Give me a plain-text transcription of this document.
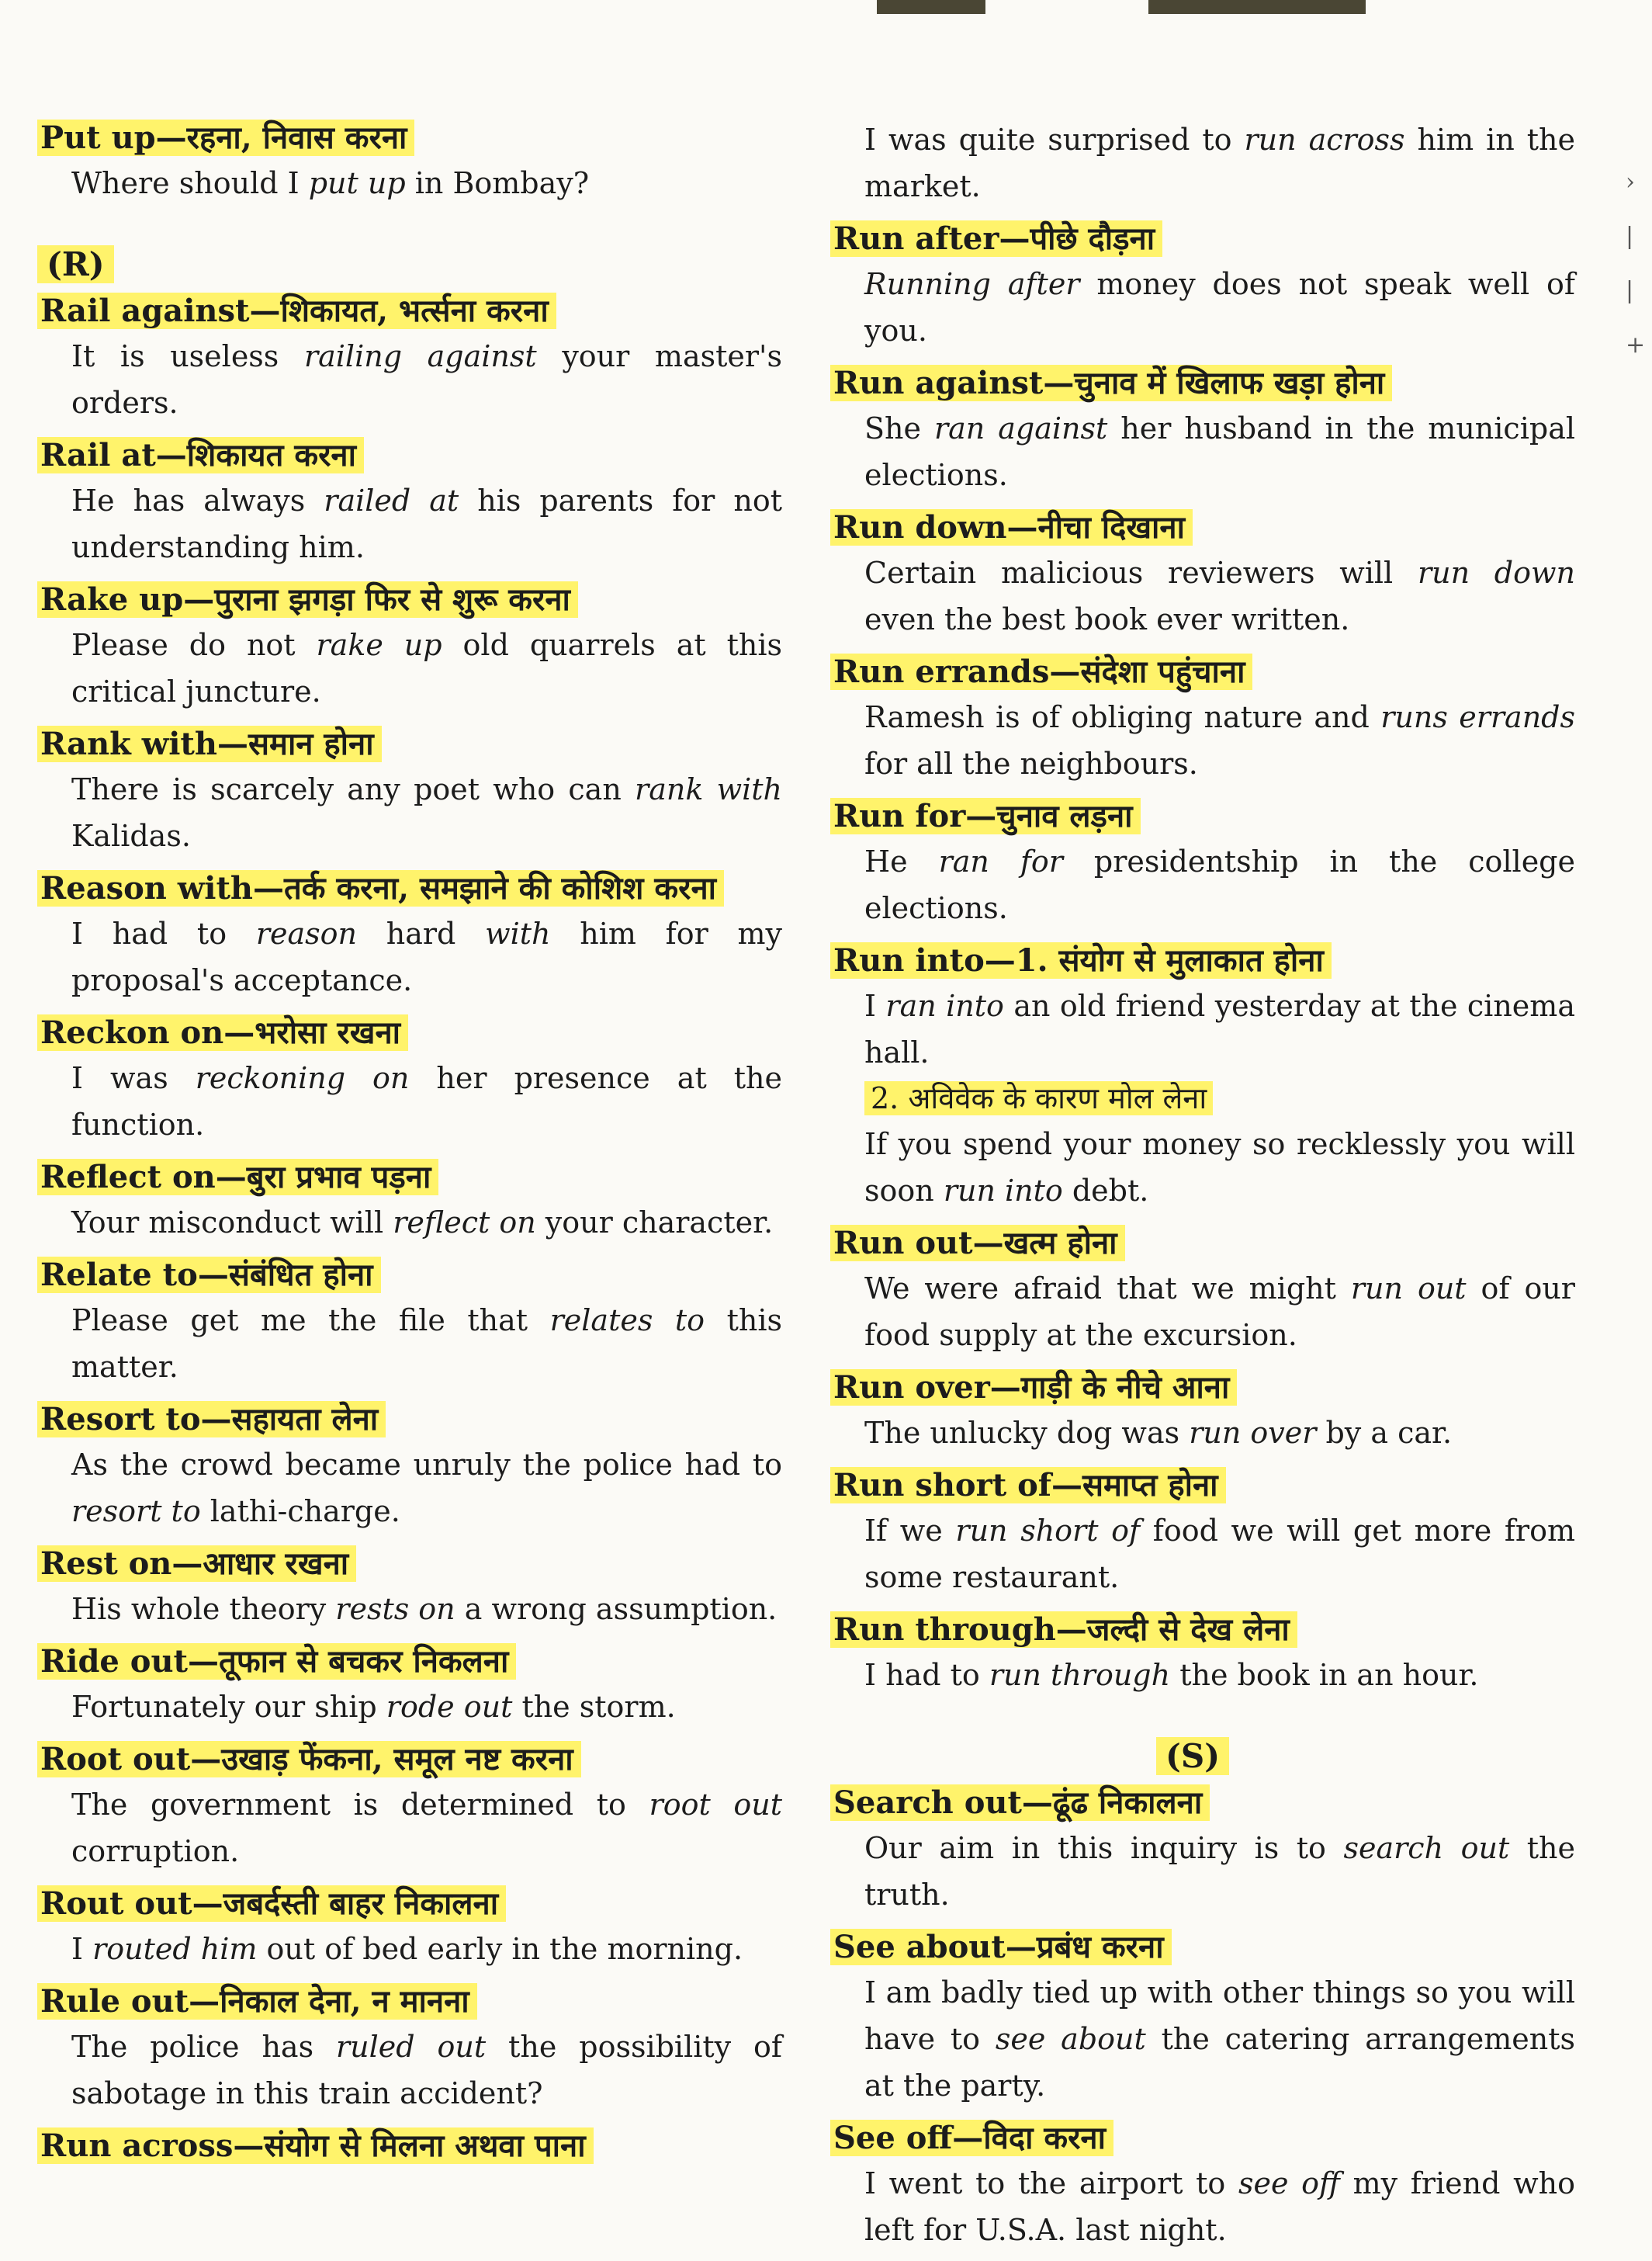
Put up—रहना, निवास करना
Where should I put up in Bombay?
(R)
Rail against—शिकायत, भर्त्सना करना
It is useless railing against your master's orders.
Rail at—शिकायत करना
He has always railed at his parents for not understanding him.
Rake up—पुराना झगड़ा फिर से शुरू करना
Please do not rake up old quarrels at this critical juncture.
Rank with—समान होना
There is scarcely any poet who can rank with Kalidas.
Reason with—तर्क करना, समझाने की कोशिश करना
I had to reason hard with him for my proposal's acceptance.
Reckon on—भरोसा रखना
I was reckoning on her presence at the function.
Reflect on—बुरा प्रभाव पड़ना
Your misconduct will reflect on your character.
Relate to—संबंधित होना
Please get me the file that relates to this matter.
Resort to—सहायता लेना
As the crowd became unruly the police had to resort to lathi-charge.
Rest on—आधार रखना
His whole theory rests on a wrong assumption.
Ride out—तूफान से बचकर निकलना
Fortunately our ship rode out the storm.
Root out—उखाड़ फेंकना, समूल नष्ट करना
The government is determined to root out corruption.
Rout out—जबर्दस्ती बाहर निकालना
I routed him out of bed early in the morning.
Rule out—निकाल देना, न मानना
The police has ruled out the possibility of sabotage in this train accident?
Run across—संयोग से मिलना अथवा पाना
I was quite surprised to run across him in the market.
Run after—पीछे दौड़ना
Running after money does not speak well of you.
Run against—चुनाव में खिलाफ खड़ा होना
She ran against her husband in the municipal elections.
Run down—नीचा दिखाना
Certain malicious reviewers will run down even the best book ever written.
Run errands—संदेशा पहुंचाना
Ramesh is of obliging nature and runs errands for all the neighbours.
Run for—चुनाव लड़ना
He ran for presidentship in the college elections.
Run into—1. संयोग से मुलाकात होना
I ran into an old friend yesterday at the cinema hall.
2. अविवेक के कारण मोल लेना
If you spend your money so recklessly you will soon run into debt.
Run out—खत्म होना
We were afraid that we might run out of our food supply at the excursion.
Run over—गाड़ी के नीचे आना
The unlucky dog was run over by a car.
Run short of—समाप्त होना
If we run short of food we will get more from some restaurant.
Run through—जल्दी से देख लेना
I had to run through the book in an hour.
(S)
Search out—ढूंढ निकालना
Our aim in this inquiry is to search out the truth.
See about—प्रबंध करना
I am badly tied up with other things so you will have to see about the catering arrangements at the party.
See off—विदा करना
I went to the airport to see off my friend who left for U.S.A. last night.
›
|
|
+
